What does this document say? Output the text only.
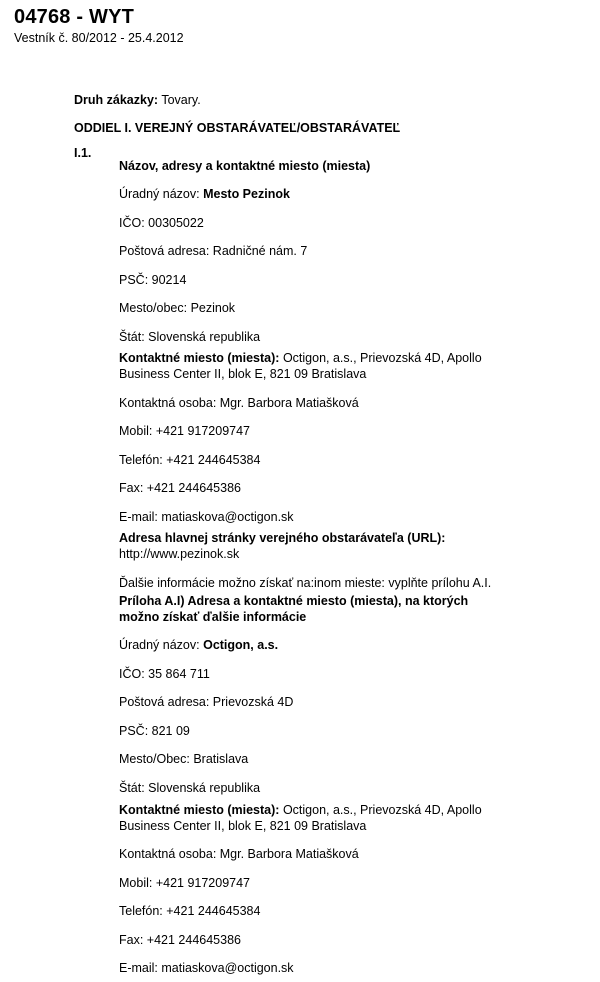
04768 - WYT
Vestník č. 80/2012 - 25.4.2012

Druh zákazky: Tovary.

ODDIEL I. VEREJNÝ OBSTARÁVATEĽ/OBSTARÁVATEĽ

I.1.

Názov, adresy a kontaktné miesto (miesta)

Úradný názov: Mesto Pezinok

IČO: 00305022

Poštová adresa: Radničné nám. 7

PSČ: 90214

Mesto/obec: Pezinok

Štát: Slovenská republika

Kontaktné miesto (miesta): Octigon, a.s., Prievozská 4D, Apollo
Business Center II, blok E, 821 09 Bratislava

Kontaktná osoba: Mgr. Barbora Matiašková

Mobil: +421 917209747

Telefón: +421 244645384

Fax: +421 244645386

E-mail: matiaskova@octigon.sk

Adresa hlavnej stránky verejného obstarávateľa (URL):
http://www.pezinok.sk

Ďalšie informácie možno získať na:inom mieste: vyplňte prílohu A.I.

Príloha A.I) Adresa a kontaktné miesto (miesta), na ktorých
možno získať ďalšie informácie

Úradný názov: Octigon, a.s.

IČO: 35 864 711

Poštová adresa: Prievozská 4D

PSČ: 821 09

Mesto/Obec: Bratislava

Štát: Slovenská republika

Kontaktné miesto (miesta): Octigon, a.s., Prievozská 4D, Apollo
Business Center II, blok E, 821 09 Bratislava

Kontaktná osoba: Mgr. Barbora Matiašková

Mobil: +421 917209747

Telefón: +421 244645384

Fax: +421 244645386

E-mail: matiaskova@octigon.sk
